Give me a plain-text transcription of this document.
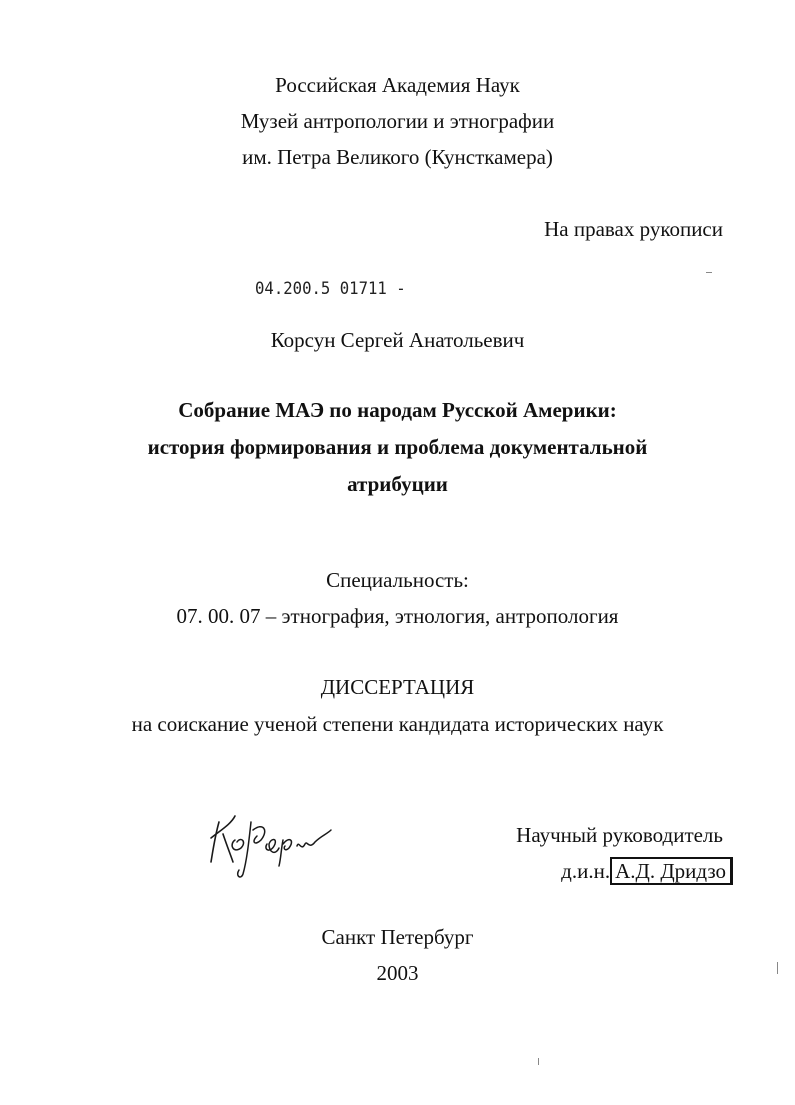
Российская Академия Наук
Музей антропологии и этнографии
им. Петра Великого (Кунсткамера)
На правах рукописи
04.200.5 01711 -
Корсун Сергей Анатольевич
Собрание МАЭ по народам Русской Америки:
история формирования и проблема документальной
атрибуции
Специальность:
07. 00. 07 – этнография, этнология, антропология
ДИССЕРТАЦИЯ
на соискание ученой степени кандидата исторических наук
Научный руководитель
д.и.н. А.Д. Дридзо
Санкт Петербург
2003
